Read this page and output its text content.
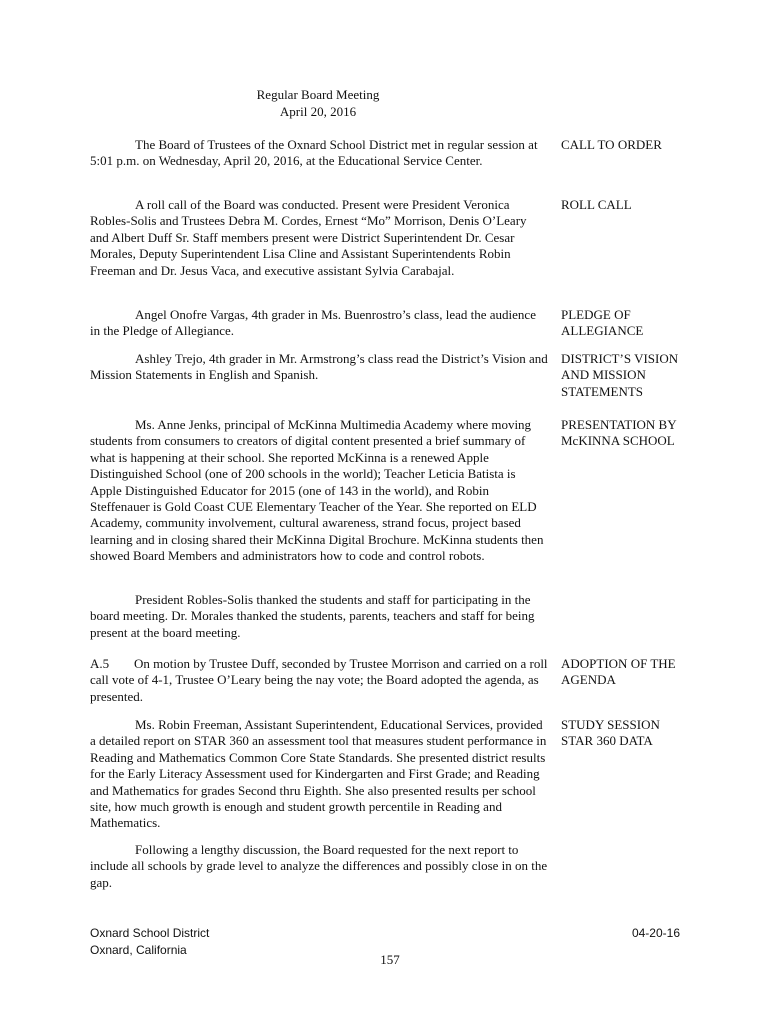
Regular Board Meeting
April 20, 2016
The Board of Trustees of the Oxnard School District met in regular session at 5:01 p.m. on Wednesday, April 20, 2016, at the Educational Service Center.
CALL TO ORDER
A roll call of the Board was conducted. Present were President Veronica Robles-Solis and Trustees Debra M. Cordes, Ernest “Mo” Morrison, Denis O’Leary and Albert Duff Sr. Staff members present were District Superintendent Dr. Cesar Morales, Deputy Superintendent Lisa Cline and Assistant Superintendents Robin Freeman and Dr. Jesus Vaca, and executive assistant Sylvia Carabajal.
ROLL CALL
Angel Onofre Vargas, 4th grader in Ms. Buenrostro’s class, lead the audience in the Pledge of Allegiance.
PLEDGE OF ALLEGIANCE
Ashley Trejo, 4th grader in Mr. Armstrong’s class read the District’s Vision and Mission Statements in English and Spanish.
DISTRICT’S VISION AND MISSION STATEMENTS
Ms. Anne Jenks, principal of McKinna Multimedia Academy where moving students from consumers to creators of digital content presented a brief summary of what is happening at their school. She reported McKinna is a renewed Apple Distinguished School (one of 200 schools in the world); Teacher Leticia Batista is Apple Distinguished Educator for 2015 (one of 143 in the world), and Robin Steffenauer is Gold Coast CUE Elementary Teacher of the Year. She reported on ELD Academy, community involvement, cultural awareness, strand focus, project based learning and in closing shared their McKinna Digital Brochure. McKinna students then showed Board Members and administrators how to code and control robots.
PRESENTATION BY McKINNA SCHOOL
President Robles-Solis thanked the students and staff for participating in the board meeting. Dr. Morales thanked the students, parents, teachers and staff for being present at the board meeting.
A.5 On motion by Trustee Duff, seconded by Trustee Morrison and carried on a roll call vote of 4-1, Trustee O’Leary being the nay vote; the Board adopted the agenda, as presented.
ADOPTION OF THE AGENDA
Ms. Robin Freeman, Assistant Superintendent, Educational Services, provided a detailed report on STAR 360 an assessment tool that measures student performance in Reading and Mathematics Common Core State Standards. She presented district results for the Early Literacy Assessment used for Kindergarten and First Grade; and Reading and Mathematics for grades Second thru Eighth. She also presented results per school site, how much growth is enough and student growth percentile in Reading and Mathematics.
STUDY SESSION STAR 360 DATA
Following a lengthy discussion, the Board requested for the next report to include all schools by grade level to analyze the differences and possibly close in on the gap.
Oxnard School District
Oxnard, California
04-20-16
157
